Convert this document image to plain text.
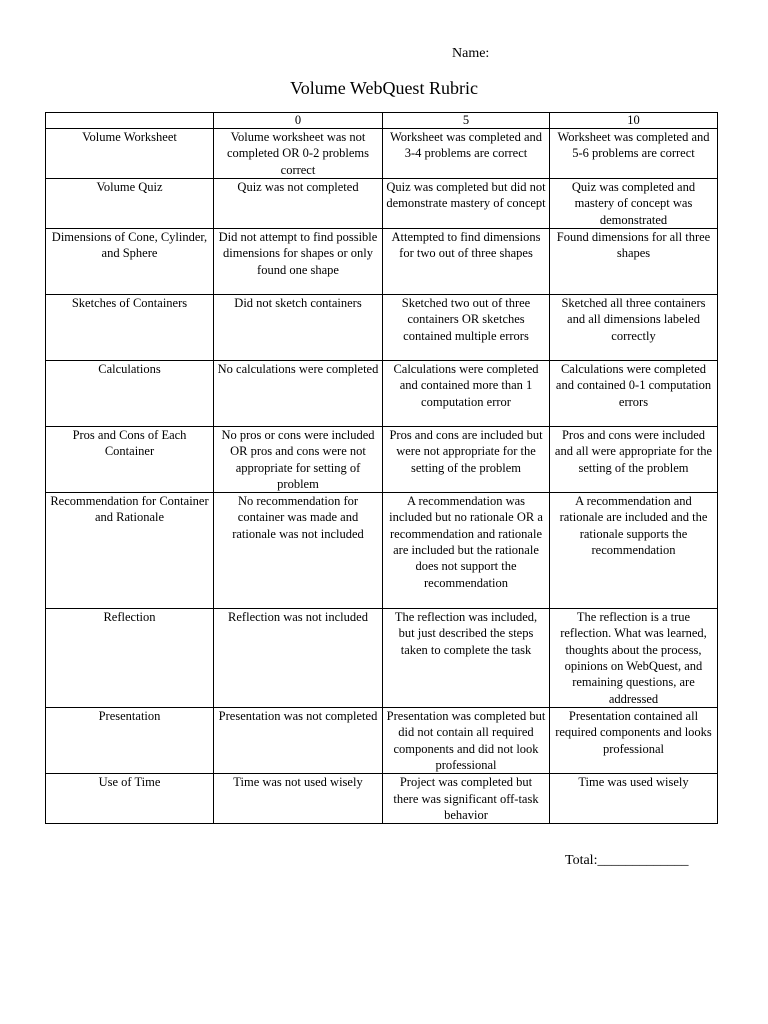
Name:
Volume WebQuest Rubric
	0	5	10
Volume Worksheet	Volume worksheet was not completed OR 0-2 problems correct	Worksheet was completed and 3-4 problems are correct	Worksheet was completed and 5-6 problems are correct
Volume Quiz	Quiz was not completed	Quiz was completed but did not demonstrate mastery of concept	Quiz was completed and mastery of concept was demonstrated
Dimensions of Cone, Cylinder, and Sphere	Did not attempt to find possible dimensions for shapes or only found one shape	Attempted to find dimensions for two out of three shapes	Found dimensions for all three shapes
Sketches of Containers	Did not sketch containers	Sketched two out of three containers OR sketches contained multiple errors	Sketched all three containers and all dimensions labeled correctly
Calculations	No calculations were completed	Calculations were completed and contained more than 1 computation error	Calculations were completed and contained 0-1 computation errors
Pros and Cons of Each Container	No pros or cons were included OR pros and cons were not appropriate for setting of problem	Pros and cons are included but were not appropriate for the setting of the problem	Pros and cons were included and all were appropriate for the setting of the problem
Recommendation for Container and Rationale	No recommendation for container was made and rationale was not included	A recommendation was included but no rationale OR a recommendation and rationale are included but the rationale does not support the recommendation	A recommendation and rationale are included and the rationale supports the recommendation
Reflection	Reflection was not included	The reflection was included, but just described the steps taken to complete the task	The reflection is a true reflection. What was learned, thoughts about the process, opinions on WebQuest, and remaining questions, are addressed
Presentation	Presentation was not completed	Presentation was completed but did not contain all required components and did not look professional	Presentation contained all required components and looks professional
Use of Time	Time was not used wisely	Project was completed but there was significant off-task behavior	Time was used wisely
Total:_____________
